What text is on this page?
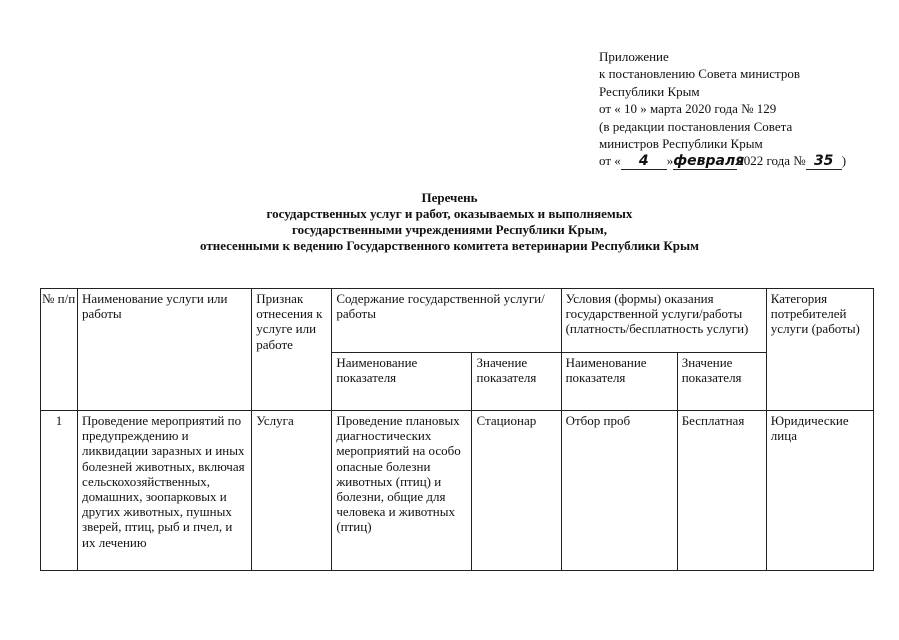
Приложение
к постановлению Совета министров
Республики Крым
от « 10 » марта 2020 года № 129
(в редакции постановления Совета
министров Республики Крым
от « 4 »февраля2022 года № 35 )
Перечень
государственных услуг и работ, оказываемых и выполняемых
государственными учреждениями Республики Крым,
отнесенными к ведению Государственного комитета ветеринарии Республики Крым
№ п/п	Наименование услуги или работы	Признак отнесения к услуге или работе	Содержание государственной услуги/работы		Условия (формы) оказания государственной услуги/работы (платность/бесплатность услуги)		Категория потребителей услуги (работы)
			Наименование показателя	Значение показателя	Наименование показателя	Значение показателя	
1	Проведение мероприятий по предупреждению и ликвидации заразных и иных болезней животных, включая сельскохозяйственных, домашних, зоопарковых и других животных, пушных зверей, птиц, рыб и пчел, и их лечению	Услуга	Проведение плановых диагностических мероприятий на особо опасные болезни животных (птиц) и болезни, общие для человека и животных (птиц)	Стационар	Отбор проб	Бесплатная	Юридические лица
